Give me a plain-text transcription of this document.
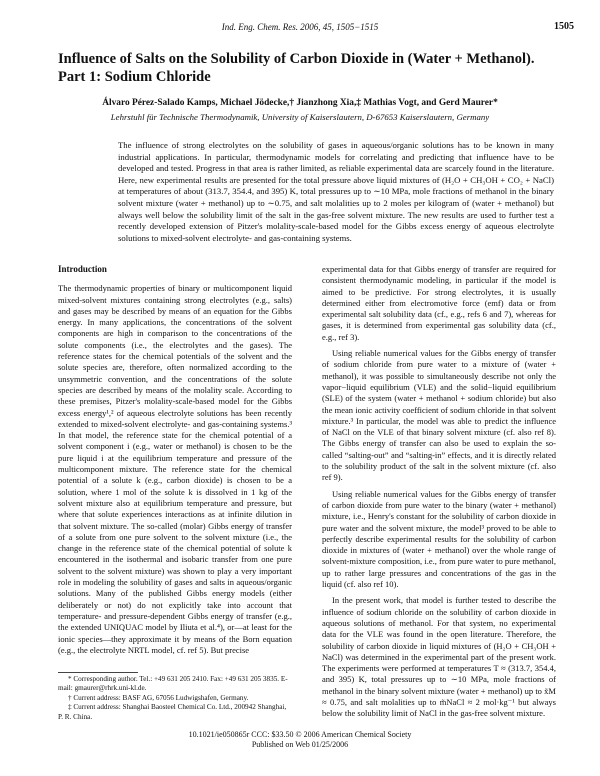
Ind. Eng. Chem. Res. 2006, 45, 1505−1515	1505
Influence of Salts on the Solubility of Carbon Dioxide in (Water + Methanol). Part 1: Sodium Chloride
Álvaro Pérez-Salado Kamps, Michael Jödecke,† Jianzhong Xia,‡ Mathias Vogt, and Gerd Maurer*
Lehrstuhl für Technische Thermodynamik, University of Kaiserslautern, D-67653 Kaiserslautern, Germany
The influence of strong electrolytes on the solubility of gases in aqueous/organic solutions has to be known in many industrial applications. In particular, thermodynamic models for correlating and predicting that influence have to be developed and tested. Progress in that area is rather limited, as reliable experimental data are scarcely found in the literature. Here, new experimental results are presented for the total pressure above liquid mixtures of (H₂O + CH₃OH + CO₂ + NaCl) at temperatures of about (313.7, 354.4, and 395) K, total pressures up to ∼10 MPa, mole fractions of methanol in the binary solvent mixture (water + methanol) up to ∼0.75, and salt molalities up to 2 moles per kilogram of (water + methanol) but always well below the solubility limit of the salt in the gas-free solvent mixture. The new results are used to further test a recently developed extension of Pitzer's molality-scale-based model for the Gibbs excess energy of aqueous electrolyte solutions to mixed-solvent electrolyte- and gas-containing systems.
Introduction

The thermodynamic properties of binary or multicomponent liquid mixed-solvent mixtures containing strong electrolytes (e.g., salts) and gases may be described by means of an equation for the Gibbs energy. In many applications, the concentrations of the solvent components are high in comparison to the concentrations of the solute components (i.e., the electrolytes and the gases). The reference states for the chemical potentials of the solvent and the solute species are, therefore, often normalized according to the unsymmetric convention, and the concentrations of the solute species are described by means of the molality scale. According to these premises, Pitzer's molality-scale-based model for the Gibbs excess energy¹,² of aqueous electrolyte solutions has been recently extended to mixed-solvent electrolyte- and gas-containing systems.³ In that model, the reference state for the chemical potential of a solvent component i (e.g., water or methanol) is chosen to be the pure liquid i at the equilibrium temperature and pressure of the multicomponent mixture. The reference state for the chemical potential of a solute k (e.g., carbon dioxide) is chosen to be a solution, where 1 mol of the solute k is dissolved in 1 kg of the solvent mixture also at equilibrium temperature and pressure, but where that solute experiences interactions as at infinite dilution in that solvent mixture. The so-called (molar) Gibbs energy of transfer of a solute from one pure solvent to the solvent mixture (i.e., the change in the reference state of the chemical potential of solute k encountered in the isothermal and isobaric transfer from one pure solvent to the solvent mixture) was shown to play a very important role in modeling the solubility of gases and salts in aqueous/organic solutions. Many of the published Gibbs energy models (either deliberately or not) do not explicitly take into account that temperature- and pressure-dependent Gibbs energy of transfer (e.g., the extended UNIQUAC model by Iliuta et al.⁴), or—at least for the ionic species—they approximate it by means of the Born equation (e.g., the electrolyte NRTL model, cf. ref 5). But precise

experimental data for that Gibbs energy of transfer are required for consistent thermodynamic modeling, in particular if the model is aimed to be predictive. For strong electrolytes, it is usually determined either from electromotive force (emf) data or from experimental salt solubility data (cf., e.g., refs 6 and 7), whereas for gases, it is determined from experimental gas solubility data (cf., e.g., ref 3).

Using reliable numerical values for the Gibbs energy of transfer of sodium chloride from pure water to a mixture of (water + methanol), it was possible to simultaneously describe not only the vapor−liquid equilibrium (VLE) and the solid−liquid equilibrium (SLE) of the system (water + methanol + sodium chloride) but also the mean ionic activity coefficient of sodium chloride in that solvent mixture.³ In particular, the model was able to predict the influence of NaCl on the VLE of that binary solvent mixture (cf. also ref 8). The Gibbs energy of transfer can also be used to explain the so-called “salting-out” and “salting-in” effects, and it is directly related to the solubility product of the salt in the solvent mixture (cf. also ref 9).

Using reliable numerical values for the Gibbs energy of transfer of carbon dioxide from pure water to the binary (water + methanol) mixture, i.e., Henry's constant for the solubility of carbon dioxide in pure water and the solvent mixture, the model³ proved to be able to perfectly describe experimental results for the solubility of carbon dioxide in mixtures of (water + methanol) over the whole range of solvent-mixture composition, i.e., from pure water to pure methanol, up to rather large pressures and concentrations of the gas in the liquid (cf. also ref 10).

In the present work, that model is further tested to describe the influence of sodium chloride on the solubility of carbon dioxide in aqueous solutions of methanol. For that system, no experimental data for the VLE was found in the open literature. Therefore, the solubility of carbon dioxide in liquid mixtures of (H₂O + CH₃OH + NaCl) was determined in the experimental part of the present work. The experiments were performed at temperatures T ≈ (313.7, 354.4, and 395) K, total pressures up to ∼10 MPa, mole fractions of methanol in the binary solvent mixture (water + methanol) up to x̃M ≈ 0.75, and salt molalities up to m̃NaCl ≈ 2 mol·kg⁻¹ but always below the solubility limit of NaCl in the gas-free solvent mixture.

* Corresponding author. Tel.: +49 631 205 2410. Fax: +49 631 205 3835. E-mail: gmaurer@rhrk.uni-kl.de.

† Current address: BASF AG, 67056 Ludwigshafen, Germany.

‡ Current address: Shanghai Baosteel Chemical Co. Ltd., 200942 Shanghai, P. R. China.

10.1021/ie050865r CCC: $33.50 © 2006 American Chemical Society
Published on Web 01/25/2006
